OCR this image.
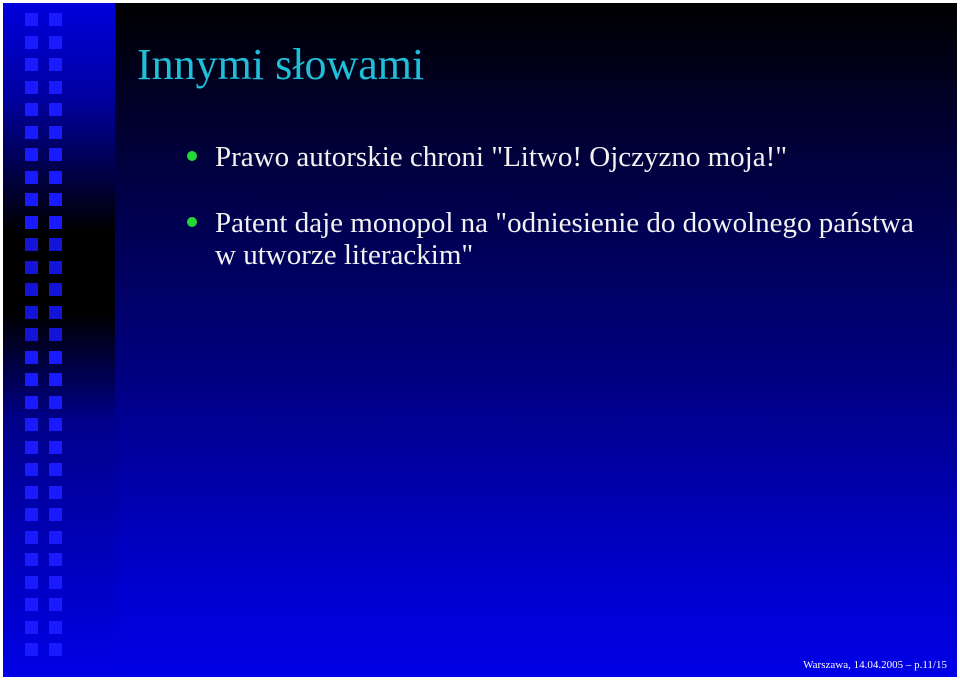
Innymi słowami
Prawo autorskie chroni "Litwo! Ojczyzno moja!"
Patent daje monopol na "odniesienie do dowolnego państwa w utworze literackim"
Warszawa, 14.04.2005 – p.11/15
